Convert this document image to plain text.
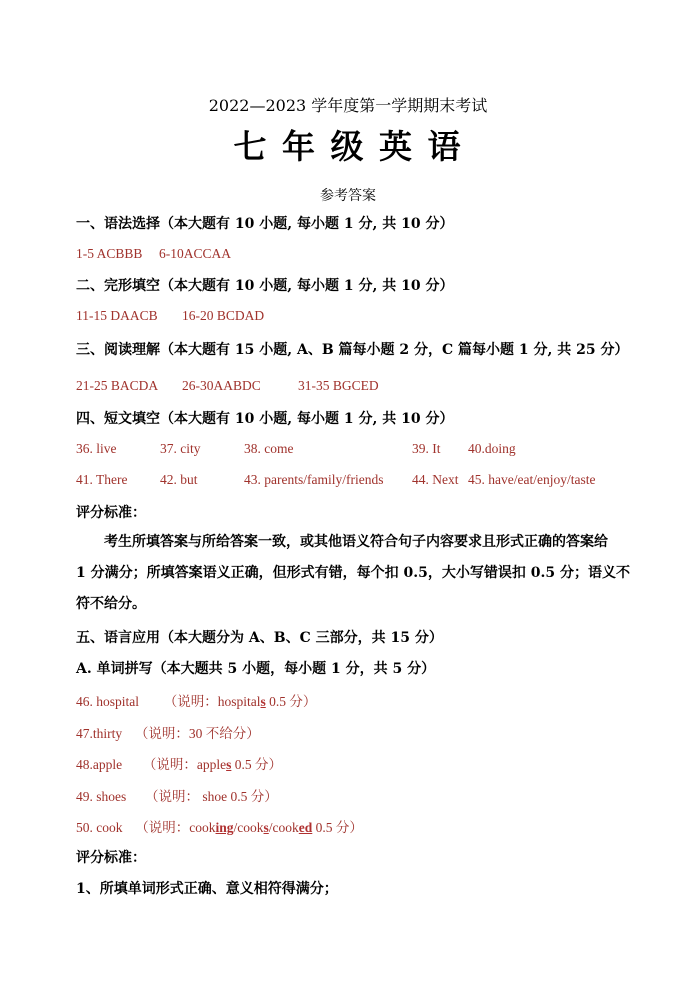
2022—2023 学年度第一学期期末考试
七 年 级 英 语
参考答案
一、语法选择（本大题有 10 小题, 每小题 1 分, 共 10 分）
1-5 ACBBB 6-10ACCAA
二、完形填空（本大题有 10 小题, 每小题 1 分, 共 10 分）
11-15 DAACB 16-20 BCDAD
三、阅读理解（本大题有 15 小题, A、B 篇每小题 2 分，C 篇每小题 1 分, 共 25 分）
21-25 BACDA 26-30AABDC	31-35 BGCED
四、短文填空（本大题有 10 小题, 每小题 1 分, 共 10 分）
36. live	37. city	38. come	39. It 40.doing
41. There 42. but	43. parents/family/friends 44. Next 45. have/eat/enjoy/taste
评分标准：
考生所填答案与所给答案一致，或其他语义符合句子内容要求且形式正确的答案给
1 分满分；所填答案语义正确，但形式有错，每个扣 0.5，大小写错误扣 0.5 分；语义不
符不给分。
五、语言应用（本大题分为 A、B、C 三部分，共 15 分）
A. 单词拼写（本大题共 5 小题，每小题 1 分，共 5 分）
46. hospital （说明：hospitals 0.5 分）
47.thirty （说明：30 不给分）
48.apple （说明：apples 0.5 分）
49. shoes （说明： shoe 0.5 分）
50. cook （说明：cooking/cooks/cooked 0.5 分）
评分标准：
1、所填单词形式正确、意义相符得满分；
